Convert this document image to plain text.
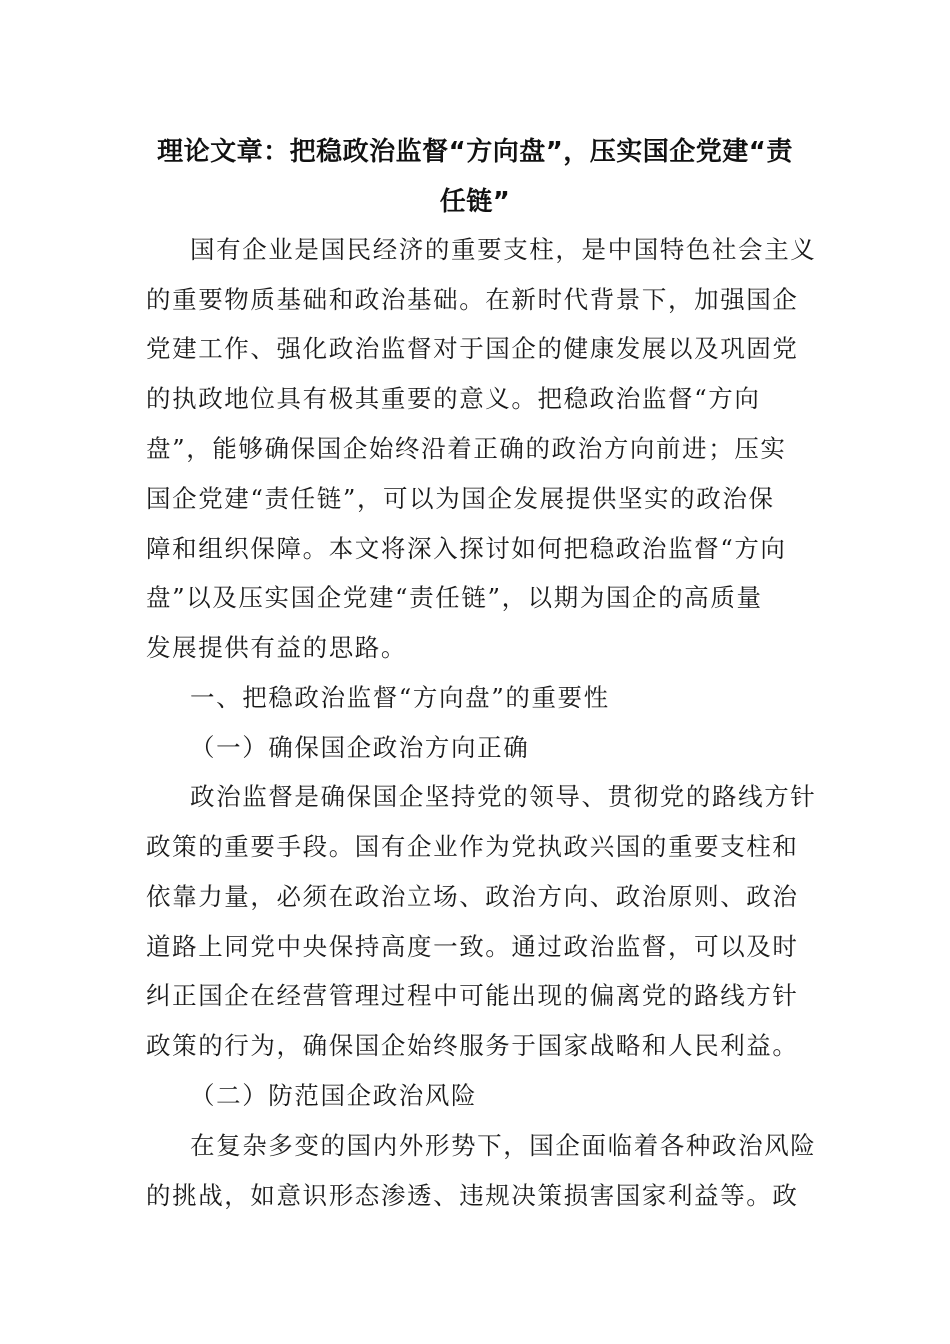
理论文章：把稳政治监督“方向盘”，压实国企党建“责
任链”
国有企业是国民经济的重要支柱，是中国特色社会主义
的重要物质基础和政治基础。在新时代背景下，加强国企
党建工作、强化政治监督对于国企的健康发展以及巩固党
的执政地位具有极其重要的意义。把稳政治监督“方向
盘”，能够确保国企始终沿着正确的政治方向前进；压实
国企党建“责任链”，可以为国企发展提供坚实的政治保
障和组织保障。本文将深入探讨如何把稳政治监督“方向
盘”以及压实国企党建“责任链”，以期为国企的高质量
发展提供有益的思路。
一、把稳政治监督“方向盘”的重要性
（一）确保国企政治方向正确
政治监督是确保国企坚持党的领导、贯彻党的路线方针
政策的重要手段。国有企业作为党执政兴国的重要支柱和
依靠力量，必须在政治立场、政治方向、政治原则、政治
道路上同党中央保持高度一致。通过政治监督，可以及时
纠正国企在经营管理过程中可能出现的偏离党的路线方针
政策的行为，确保国企始终服务于国家战略和人民利益。
（二）防范国企政治风险
在复杂多变的国内外形势下，国企面临着各种政治风险
的挑战，如意识形态渗透、违规决策损害国家利益等。政
